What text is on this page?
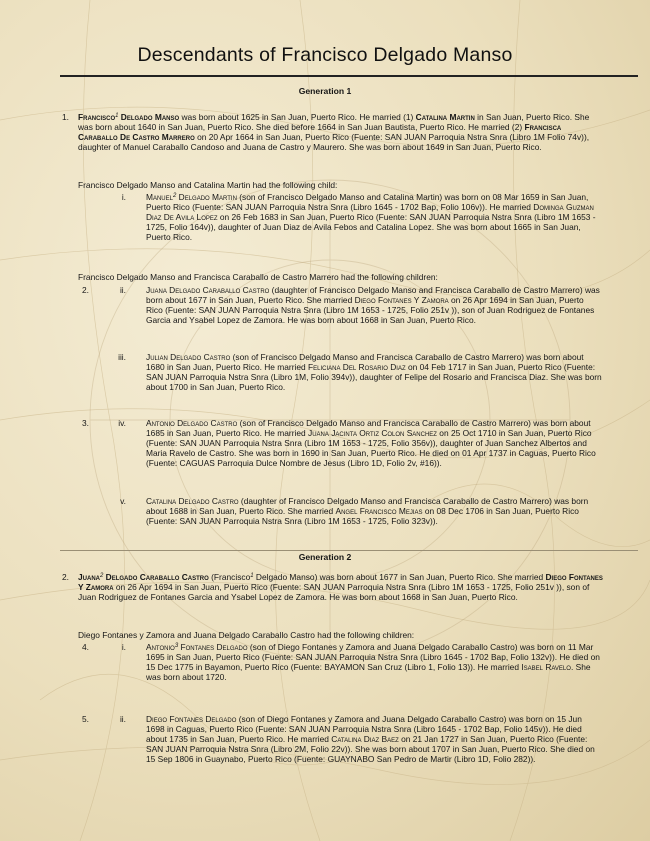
Descendants of Francisco Delgado Manso
Generation 1
1. Francisco$^1$ Delgado Manso was born about 1625 in San Juan, Puerto Rico. He married (1) Catalina Martin in San Juan, Puerto Rico. She was born about 1640 in San Juan, Puerto Rico. She died before 1664 in San Juan Bautista, Puerto Rico. He married (2) Francisca Caraballo De Castro Marrero on 20 Apr 1664 in San Juan, Puerto Rico (Fuente: SAN JUAN Parroquia Nstra Snra (Libro 1M Folio 74v)), daughter of Manuel Caraballo Candoso and Juana de Castro y Maurero. She was born about 1649 in San Juan, Puerto Rico.

Francisco Delgado Manso and Catalina Martin had the following child:

i. Manuel$^2$ Delgado Martin (son of Francisco Delgado Manso and Catalina Martin) was born on 08 Mar 1659 in San Juan, Puerto Rico (Fuente: SAN JUAN Parroquia Nstra Snra (Libro 1645 - 1702 Bap, Folio 106v)). He married Dominga Guzman Diaz De Avila Lopez on 26 Feb 1683 in San Juan, Puerto Rico (Fuente: SAN JUAN Parroquia Nstra Snra (Libro 1M 1653 - 1725, Folio 164v)), daughter of Juan Diaz de Avila Febos and Catalina Lopez. She was born about 1665 in San Juan, Puerto Rico.

Francisco Delgado Manso and Francisca Caraballo de Castro Marrero had the following children:

2.	ii. Juana Delgado Caraballo Castro (daughter of Francisco Delgado Manso and Francisca Caraballo de Castro Marrero) was born about 1677 in San Juan, Puerto Rico. She married Diego Fontanes Y Zamora on 26 Apr 1694 in San Juan, Puerto Rico (Fuente: SAN JUAN Parroquia Nstra Snra (Libro 1M 1653 - 1725, Folio 251v )), son of Juan Rodriguez de Fontanes Garcia and Ysabel Lopez de Zamora. He was born about 1668 in San Juan, Puerto Rico.

iii. Julian Delgado Castro (son of Francisco Delgado Manso and Francisca Caraballo de Castro Marrero) was born about 1680 in San Juan, Puerto Rico. He married Feliciana Del Rosario Diaz on 04 Feb 1717 in San Juan, Puerto Rico (Fuente: SAN JUAN Parroquia Nstra Snra (Libro 1M, Folio 394v)), daughter of Felipe del Rosario and Francisca Diaz. She was born about 1700 in San Juan, Puerto Rico.

3.	iv. Antonio Delgado Castro (son of Francisco Delgado Manso and Francisca Caraballo de Castro Marrero) was born about 1685 in San Juan, Puerto Rico. He married Juana Jacinta Ortiz Colon Sanchez on 25 Oct 1710 in San Juan, Puerto Rico (Fuente: SAN JUAN Parroquia Nstra Snra (Libro 1M 1653 - 1725, Folio 356v)), daughter of Juan Sanchez Albertos and Maria Ravelo de Castro. She was born in 1690 in San Juan, Puerto Rico. He died on 01 Apr 1737 in Caguas, Puerto Rico (Fuente: CAGUAS Parroquia Dulce Nombre de Jesus (Libro 1D, Folio 2v, #16)).

v. Catalina Delgado Castro (daughter of Francisco Delgado Manso and Francisca Caraballo de Castro Marrero) was born about 1688 in San Juan, Puerto Rico. She married Angel Francisco Mejias on 08 Dec 1706 in San Juan, Puerto Rico (Fuente: SAN JUAN Parroquia Nstra Snra (Libro 1M 1653 - 1725, Folio 323v)).

Generation 2
2. Juana$^2$ Delgado Caraballo Castro (Francisco$^1$ Delgado Manso) was born about 1677 in San Juan, Puerto Rico. She married Diego Fontanes Y Zamora on 26 Apr 1694 in San Juan, Puerto Rico (Fuente: SAN JUAN Parroquia Nstra Snra (Libro 1M 1653 - 1725, Folio 251v )), son of Juan Rodriguez de Fontanes Garcia and Ysabel Lopez de Zamora. He was born about 1668 in San Juan, Puerto Rico.

Diego Fontanes y Zamora and Juana Delgado Caraballo Castro had the following children:

4.	i. Antonio$^3$ Fontanes Delgado (son of Diego Fontanes y Zamora and Juana Delgado Caraballo Castro) was born on 11 Mar 1695 in San Juan, Puerto Rico (Fuente: SAN JUAN Parroquia Nstra Snra (Libro 1645 - 1702 Bap, Folio 132v)). He died on 15 Dec 1775 in Bayamon, Puerto Rico (Fuente: BAYAMON San Cruz (Libro 1, Folio 13)). He married Isabel Ravelo. She was born about 1720.

5.	ii. Diego Fontanes Delgado (son of Diego Fontanes y Zamora and Juana Delgado Caraballo Castro) was born on 15 Jun 1698 in Caguas, Puerto Rico (Fuente: SAN JUAN Parroquia Nstra Snra (Libro 1645 - 1702 Bap, Folio 145v)). He died about 1735 in San Juan, Puerto Rico. He married Catalina Diaz Baez on 21 Jan 1727 in San Juan, Puerto Rico (Fuente: SAN JUAN Parroquia Nstra Snra (Libro 2M, Folio 22v)). She was born about 1707 in San Juan, Puerto Rico. She died on 15 Sep 1806 in Guaynabo, Puerto Rico (Fuente: GUAYNABO San Pedro de Martir (Libro 1D, Folio 282)).
